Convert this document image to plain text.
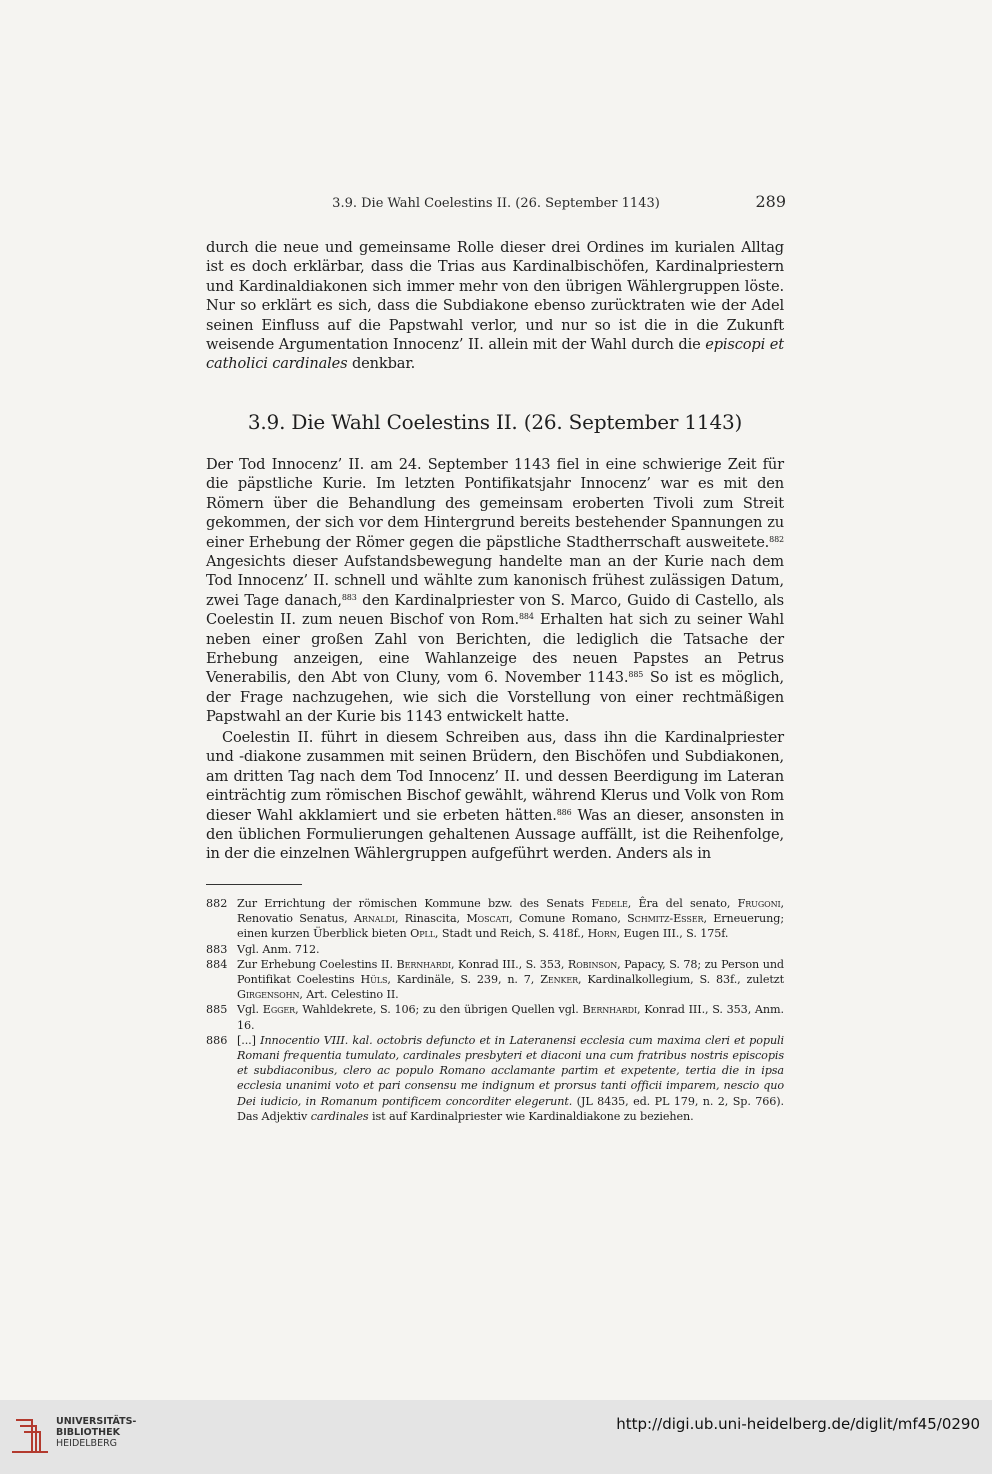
3.9. Die Wahl Coelestins II. (26. September 1143)	289

durch die neue und gemeinsame Rolle dieser drei Ordines im kurialen Alltag ist es doch erklärbar, dass die Trias aus Kardinalbischöfen, Kardinalpriestern und Kardinaldiakonen sich immer mehr von den übrigen Wählergruppen löste. Nur so erklärt es sich, dass die Subdiakone ebenso zurücktraten wie der Adel seinen Einfluss auf die Papstwahl verlor, und nur so ist die in die Zukunft weisende Argumentation Innocenz’ II. allein mit der Wahl durch die episcopi et catholici cardinales denkbar.

3.9. Die Wahl Coelestins II. (26. September 1143)

Der Tod Innocenz’ II. am 24. September 1143 fiel in eine schwierige Zeit für die päpstliche Kurie. Im letzten Pontifikatsjahr Innocenz’ war es mit den Römern über die Behandlung des gemeinsam eroberten Tivoli zum Streit gekommen, der sich vor dem Hintergrund bereits bestehender Spannungen zu einer Erhebung der Römer gegen die päpstliche Stadtherrschaft ausweitete.$^{882}$ Angesichts dieser Aufstandsbewegung handelte man an der Kurie nach dem Tod Innocenz’ II. schnell und wählte zum kanonisch frühest zulässigen Datum, zwei Tage danach,$^{883}$ den Kardinalpriester von S. Marco, Guido di Castello, als Coelestin II. zum neuen Bischof von Rom.$^{884}$ Erhalten hat sich zu seiner Wahl neben einer großen Zahl von Berichten, die lediglich die Tatsache der Erhebung anzeigen, eine Wahlanzeige des neuen Papstes an Petrus Venerabilis, den Abt von Cluny, vom 6. November 1143.$^{885}$ So ist es möglich, der Frage nachzugehen, wie sich die Vorstellung von einer rechtmäßigen Papstwahl an der Kurie bis 1143 entwickelt hatte.

Coelestin II. führt in diesem Schreiben aus, dass ihn die Kardinalpriester und -diakone zusammen mit seinen Brüdern, den Bischöfen und Subdiakonen, am dritten Tag nach dem Tod Innocenz’ II. und dessen Beerdigung im Lateran einträchtig zum römischen Bischof gewählt, während Klerus und Volk von Rom dieser Wahl akklamiert und sie erbeten hätten.$^{886}$ Was an dieser, ansonsten in den üblichen Formulierungen gehaltenen Aussage auffällt, ist die Reihenfolge, in der die einzelnen Wählergruppen aufgeführt werden. Anders als in

882 Zur Errichtung der römischen Kommune bzw. des Senats Fedele, Êra del senato, Frugoni, Renovatio Senatus, Arnaldi, Rinascita, Moscati, Comune Romano, Schmitz-Esser, Erneuerung; einen kurzen Überblick bieten Opll, Stadt und Reich, S. 418f., Horn, Eugen III., S. 175f.
883 Vgl. Anm. 712.
884 Zur Erhebung Coelestins II. Bernhardi, Konrad III., S. 353, Robinson, Papacy, S. 78; zu Person und Pontifikat Coelestins Hüls, Kardinäle, S. 239, n. 7, Zenker, Kardinalkollegium, S. 83f., zuletzt Girgensohn, Art. Celestino II.
885 Vgl. Egger, Wahldekrete, S. 106; zu den übrigen Quellen vgl. Bernhardi, Konrad III., S. 353, Anm. 16.
886 [...] Innocentio VIII. kal. octobris defuncto et in Lateranensi ecclesia cum maxima cleri et populi Romani frequentia tumulato, cardinales presbyteri et diaconi una cum fratribus nostris episcopis et subdiaconibus, clero ac populo Romano acclamante partim et expetente, tertia die in ipsa ecclesia unanimi voto et pari consensu me indignum et prorsus tanti officii imparem, nescio quo Dei iudicio, in Romanum pontificem concorditer elegerunt. (JL 8435, ed. PL 179, n. 2, Sp. 766). Das Adjektiv cardinales ist auf Kardinalpriester wie Kardinaldiakone zu beziehen.
UNIVERSITÄTS-
BIBLIOTHEK
HEIDELBERG
http://digi.ub.uni-heidelberg.de/diglit/mf45/0290
